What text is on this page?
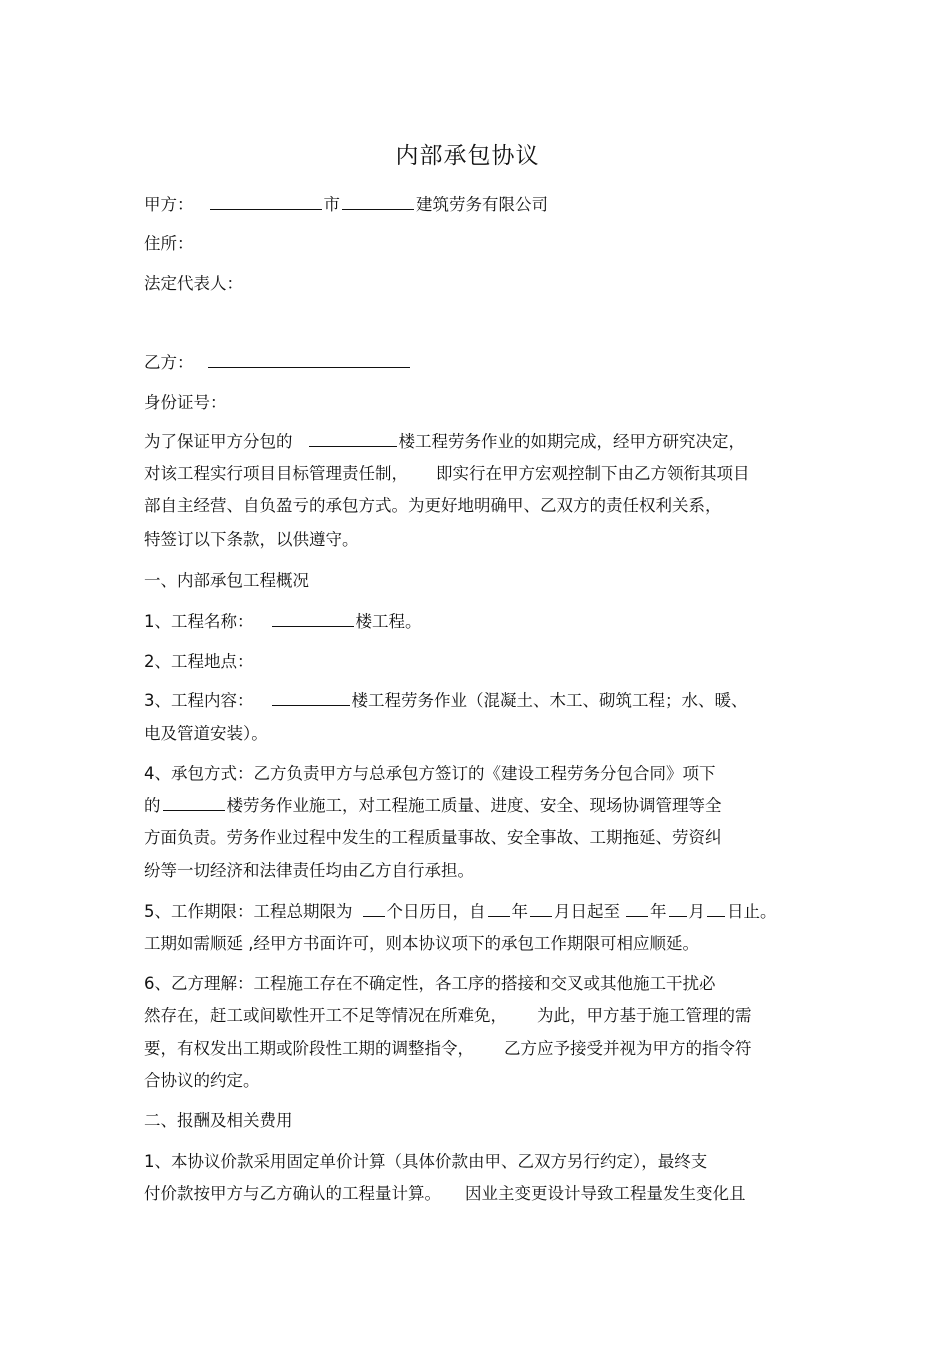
内部承包协议
甲方：	市	建筑劳务有限公司
住所：
法定代表人：
乙方：
身份证号：
为了保证甲方分包的	楼工程劳务作业的如期完成，经甲方研究决定，
对该工程实行项目目标管理责任制， 即实行在甲方宏观控制下由乙方领衔其项目
部自主经营、自负盈亏的承包方式。为更好地明确甲、乙双方的责任权利关系，
特签订以下条款，以供遵守。
一、内部承包工程概况
1、工程名称：	楼工程。
2、工程地点：
3、工程内容：	楼工程劳务作业（混凝土、木工、砌筑工程；水、暖、
电及管道安装）。
4、承包方式：乙方负责甲方与总承包方签订的《建设工程劳务分包合同》项下
的	楼劳务作业施工，对工程施工质量、进度、安全、现场协调管理等全
方面负责。劳务作业过程中发生的工程质量事故、安全事故、工期拖延、劳资纠
纷等一切经济和法律责任均由乙方自行承担。
5、工作期限：工程总期限为 个日历日，自 年 月日起至 年 月 日止。
工期如需顺延 ,经甲方书面许可，则本协议项下的承包工作期限可相应顺延。
6、乙方理解：工程施工存在不确定性，各工序的搭接和交叉或其他施工干扰必
然存在，赶工或间歇性开工不足等情况在所难免， 为此，甲方基于施工管理的需
要，有权发出工期或阶段性工期的调整指令， 乙方应予接受并视为甲方的指令符
合协议的约定。
二、报酬及相关费用
1、本协议价款采用固定单价计算（具体价款由甲、乙双方另行约定），最终支
付价款按甲方与乙方确认的工程量计算。 因业主变更设计导致工程量发生变化且
